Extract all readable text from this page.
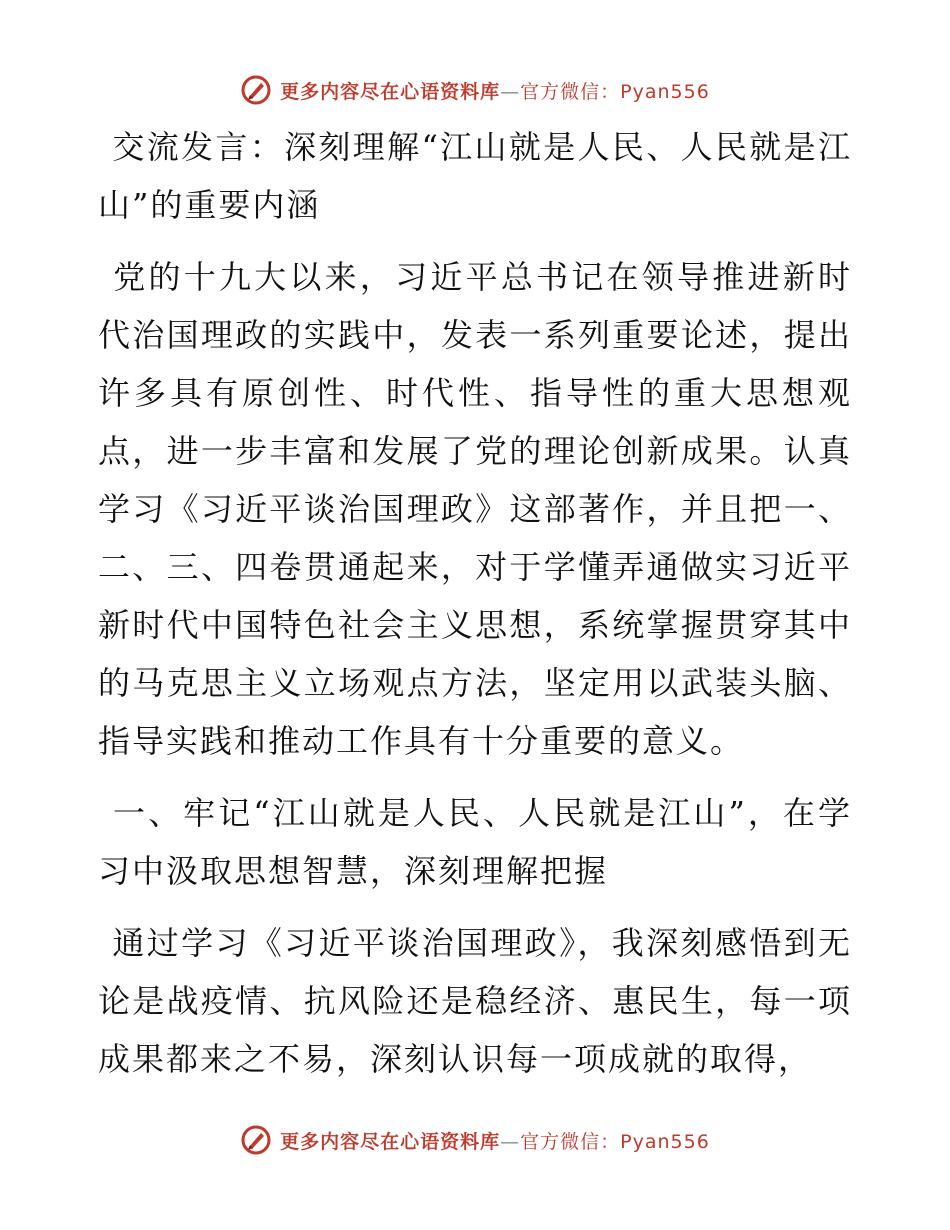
更多内容尽在心语资料库—官方微信：Pyan556

交流发言：深刻理解“江山就是人民、人民就是江山”的重要内涵

党的十九大以来，习近平总书记在领导推进新时代治国理政的实践中，发表一系列重要论述，提出许多具有原创性、时代性、指导性的重大思想观点，进一步丰富和发展了党的理论创新成果。认真学习《习近平谈治国理政》这部著作，并且把一、二、三、四卷贯通起来，对于学懂弄通做实习近平新时代中国特色社会主义思想，系统掌握贯穿其中的马克思主义立场观点方法，坚定用以武装头脑、指导实践和推动工作具有十分重要的意义。

一、牢记“江山就是人民、人民就是江山”，在学习中汲取思想智慧，深刻理解把握

通过学习《习近平谈治国理政》，我深刻感悟到无论是战疫情、抗风险还是稳经济、惠民生，每一项成果都来之不易，深刻认识每一项成就的取得，

更多内容尽在心语资料库—官方微信：Pyan556
